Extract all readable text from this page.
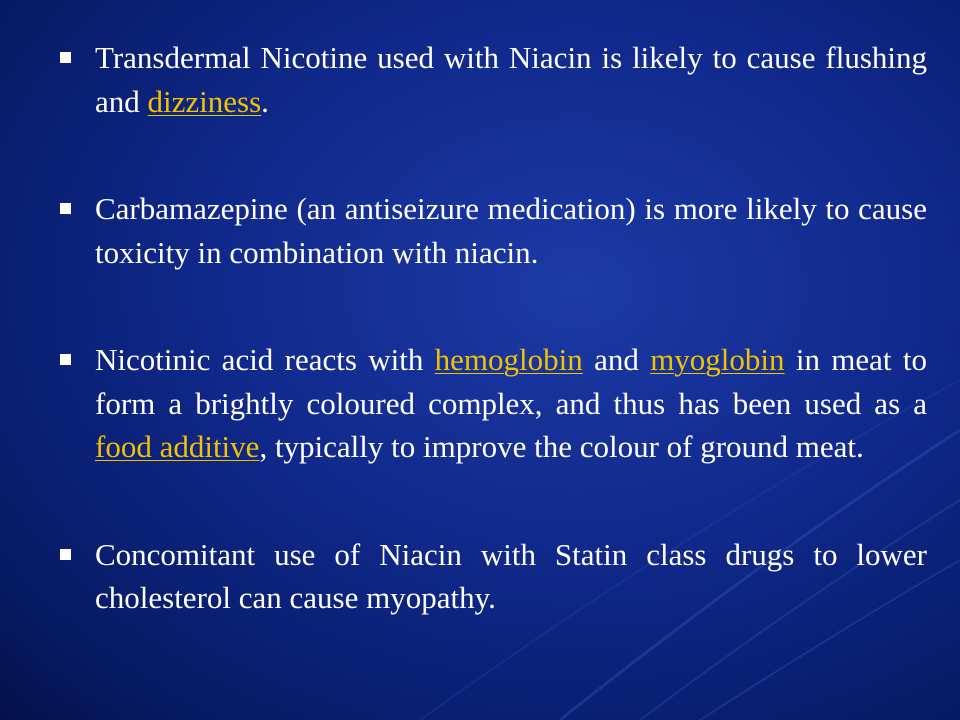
Transdermal Nicotine used with Niacin is likely to cause flushing and dizziness.
Carbamazepine (an antiseizure medication) is more likely to cause toxicity in combination with niacin.
Nicotinic acid reacts with hemoglobin and myoglobin in meat to form a brightly coloured complex, and thus has been used as a food additive, typically to improve the colour of ground meat.
Concomitant use of Niacin with Statin class drugs to lower cholesterol can cause myopathy.
